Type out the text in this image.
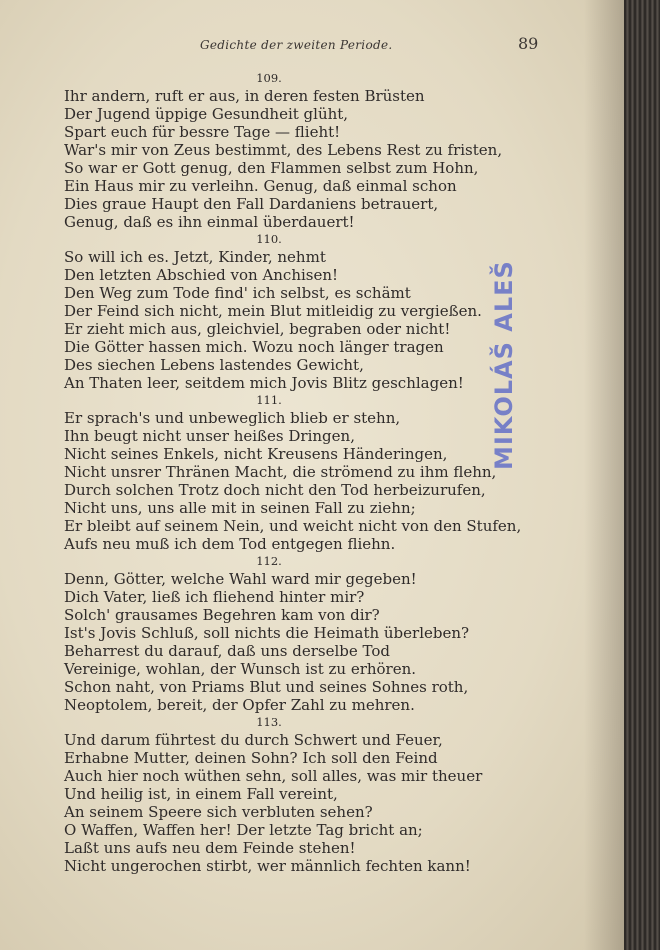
Gedichte der zweiten Periode.	89
109.
Ihr andern, ruft er aus, in deren festen Brüsten
Der Jugend üppige Gesundheit glüht,
Spart euch für bessre Tage — flieht!
War's mir von Zeus bestimmt, des Lebens Rest zu fristen,
So war er Gott genug, den Flammen selbst zum Hohn,
Ein Haus mir zu verleihn. Genug, daß einmal schon
Dies graue Haupt den Fall Dardaniens betrauert,
Genug, daß es ihn einmal überdauert!
110.
So will ich es. Jetzt, Kinder, nehmt
Den letzten Abschied von Anchisen!
Den Weg zum Tode find' ich selbst, es schämt
Der Feind sich nicht, mein Blut mitleidig zu vergießen.
Er zieht mich aus, gleichviel, begraben oder nicht!
Die Götter hassen mich. Wozu noch länger tragen
Des siechen Lebens lastendes Gewicht,
An Thaten leer, seitdem mich Jovis Blitz geschlagen!
111.
Er sprach's und unbeweglich blieb er stehn,
Ihn beugt nicht unser heißes Dringen,
Nicht seines Enkels, nicht Kreusens Händeringen,
Nicht unsrer Thränen Macht, die strömend zu ihm flehn,
Durch solchen Trotz doch nicht den Tod herbeizurufen,
Nicht uns, uns alle mit in seinen Fall zu ziehn;
Er bleibt auf seinem Nein, und weicht nicht von den Stufen,
Aufs neu muß ich dem Tod entgegen fliehn.
112.
Denn, Götter, welche Wahl ward mir gegeben!
Dich Vater, ließ ich fliehend hinter mir?
Solch' grausames Begehren kam von dir?
Ist's Jovis Schluß, soll nichts die Heimath überleben?
Beharrest du darauf, daß uns derselbe Tod
Vereinige, wohlan, der Wunsch ist zu erhören.
Schon naht, von Priams Blut und seines Sohnes roth,
Neoptolem, bereit, der Opfer Zahl zu mehren.
113.
Und darum führtest du durch Schwert und Feuer,
Erhabne Mutter, deinen Sohn? Ich soll den Feind
Auch hier noch wüthen sehn, soll alles, was mir theuer
Und heilig ist, in einem Fall vereint,
An seinem Speere sich verbluten sehen?
O Waffen, Waffen her! Der letzte Tag bricht an;
Laßt uns aufs neu dem Feinde stehen!
Nicht ungerochen stirbt, wer männlich fechten kann!
MIKOLÁŠ ALEŠ
